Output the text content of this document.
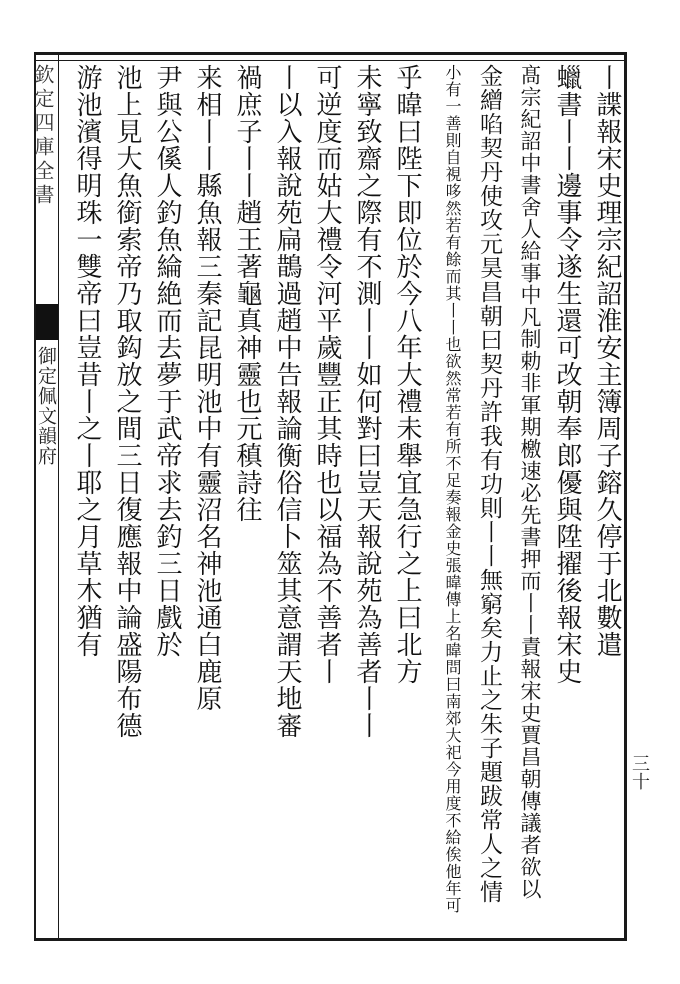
欽定四庫全書
御定佩文韻府
三十
丨諜報宋史理宗紀詔淮安主簿周子鎔久停于北數遣
蠟書丨丨邊事令遂生還可改朝奉郎優與陞擢後報宋史
髙宗紀詔中書舍人給事中凡制勅非軍期檄速必先書押而丨丨責報宋史賈昌朝傳議者欲以
金繒啗契丹使攻元昊昌朝曰契丹許我有功則丨丨無窮矣力止之朱子題跋常人之情
小有一善則自視哆然若有餘而其丨丨也欲然常若有所不足奏報金史張暐傳上名暐問曰南郊大祀今用度不給俟他年可
乎暐曰陛下即位於今八年大禮未舉宜急行之上曰北方
未寧致齋之際有不測丨丨如何對曰豈天報說苑為善者丨丨
可逆度而姑大禮令河平歲豐正其時也以福為不善者丨
丨以入報說苑扁鵲過趙中告報論衡俗信卜筮其意謂天地審
禍庶子丨丨趙王著龜真神靈也元稹詩往
来相丨丨縣魚報三秦記昆明池中有靈沼名神池通白鹿原
尹與公傒人釣魚綸絶而去夢于武帝求去釣三日戲於
池上見大魚銜索帝乃取鈎放之間三日復應報中論盛陽布德
游池濱得明珠一雙帝曰豈昔丨之丨耶之月草木猶有
